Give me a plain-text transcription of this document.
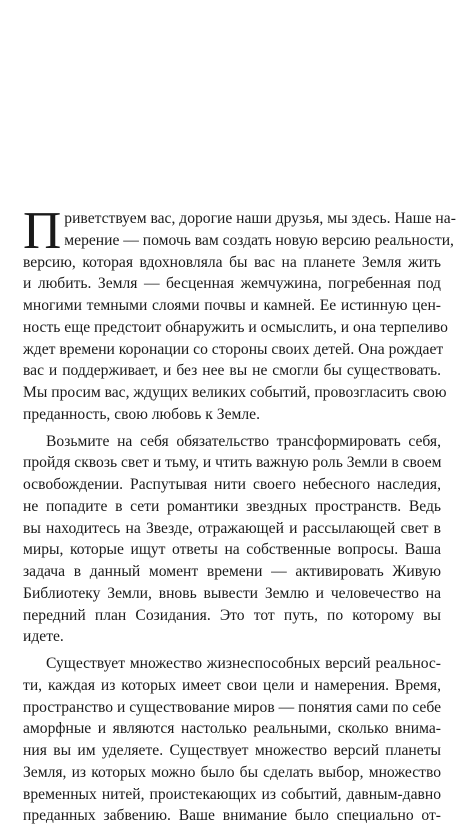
П риветствуем вас, дорогие наши друзья, мы здесь. Наше на-
мерение — помочь вам создать новую версию реальности,
версию, которая вдохновляла бы вас на планете Земля жить
и любить. Земля — бесценная жемчужина, погребенная под
многими темными слоями почвы и камней. Ее истинную цен-
ность еще предстоит обнаружить и осмыслить, и она терпеливо
ждет времени коронации со стороны своих детей. Она рождает
вас и поддерживает, и без нее вы не смогли бы существовать.
Мы просим вас, ждущих великих событий, провозгласить свою
преданность, свою любовь к Земле.
Возьмите на себя обязательство трансформировать себя,
пройдя сквозь свет и тьму, и чтить важную роль Земли в своем
освобождении. Распутывая нити своего небесного наследия,
не попадите в сети романтики звездных пространств. Ведь
вы находитесь на Звезде, отражающей и рассылающей свет в
миры, которые ищут ответы на собственные вопросы. Ваша
задача в данный момент времени — активировать Живую
Библиотеку Земли, вновь вывести Землю и человечество на
передний план Созидания. Это тот путь, по которому вы
идете.
Существует множество жизнеспособных версий реальнос-
ти, каждая из которых имеет свои цели и намерения. Время,
пространство и существование миров — понятия сами по себе
аморфные и являются настолько реальными, сколько внима-
ния вы им уделяете. Существует множество версий планеты
Земля, из которых можно было бы сделать выбор, множество
временных нитей, проистекающих из событий, давным-давно
преданных забвению. Ваше внимание было специально от-
